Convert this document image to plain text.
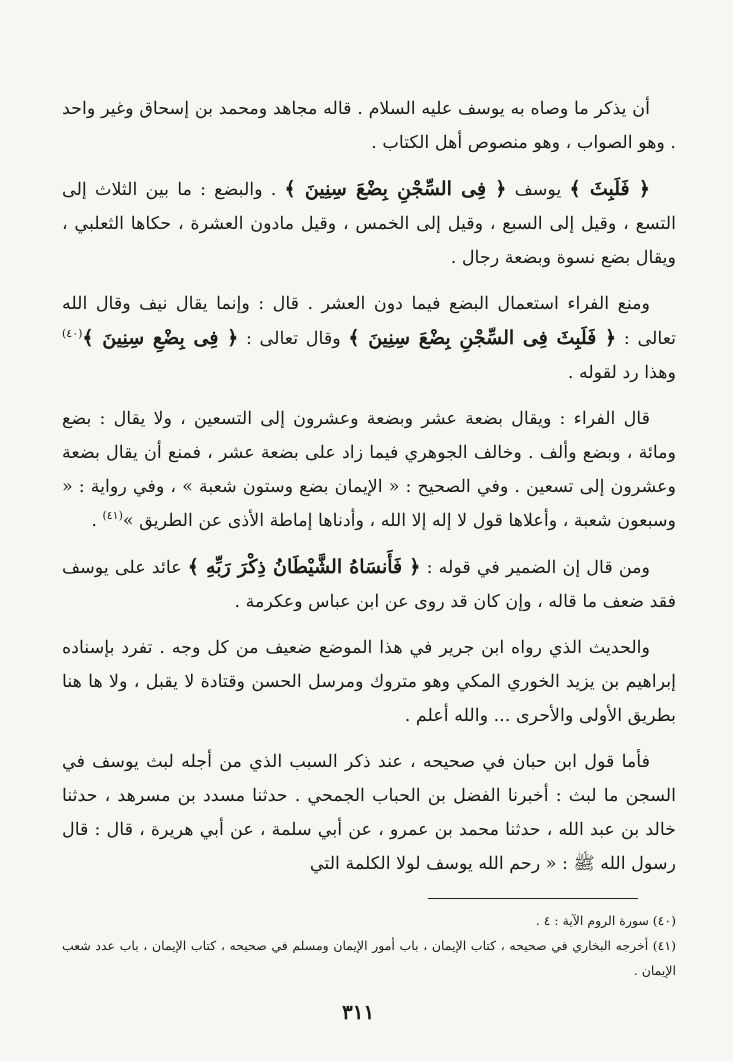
أن يذكر ما وصاه به يوسف عليه السلام . قاله مجاهد ومحمد بن إسحاق وغير واحد . وهو الصواب ، وهو منصوص أهل الكتاب .

﴿ فَلَبِثَ ﴾ يوسف ﴿ فِى السِّجْنِ بِضْعَ سِنِينَ ﴾ . والبضع : ما بين الثلاث إلى التسع ، وقيل إلى السبع ، وقيل إلى الخمس ، وقيل مادون العشرة ، حكاها الثعلبي ، ويقال بضع نسوة وبضعة رجال .

ومنع الفراء استعمال البضع فيما دون العشر . قال : وإنما يقال نيف وقال الله تعالى : ﴿ فَلَبِثَ فِى السِّجْنِ بِضْعَ سِنِينَ ﴾ وقال تعالى : ﴿ فِى بِضْعِ سِنِينَ ﴾$^{(٤٠)}$ وهذا رد لقوله .

قال الفراء : ويقال بضعة عشر وبضعة وعشرون إلى التسعين ، ولا يقال : بضع ومائة ، وبضع وألف . وخالف الجوهري فيما زاد على بضعة عشر ، فمنع أن يقال بضعة وعشرون إلى تسعين . وفي الصحيح : « الإيمان بضع وستون شعبة » ، وفي رواية : « وسبعون شعبة ، وأعلاها قول لا إله إلا الله ، وأدناها إماطة الأذى عن الطريق »$^{(٤١)}$ .

ومن قال إن الضمير في قوله : ﴿ فَأَنسَاهُ الشَّيْطَانُ ذِكْرَ رَبِّهِ ﴾ عائد على يوسف فقد ضعف ما قاله ، وإن كان قد روى عن ابن عباس وعكرمة .

والحديث الذي رواه ابن جرير في هذا الموضع ضعيف من كل وجه . تفرد بإسناده إبراهيم بن يزيد الخوري المكي وهو متروك ومرسل الحسن وقتادة لا يقبل ، ولا ها هنا بطريق الأولى والأحرى ... والله أعلم .

فأما قول ابن حبان في صحيحه ، عند ذكر السبب الذي من أجله لبث يوسف في السجن ما لبث : أخبرنا الفضل بن الحباب الجمحي . حدثنا مسدد بن مسرهد ، حدثنا خالد بن عبد الله ، حدثنا محمد بن عمرو ، عن أبي سلمة ، عن أبي هريرة ، قال : قال رسول الله ﷺ : « رحم الله يوسف لولا الكلمة التي

(٤٠) سورة الروم الآية : ٤ .

(٤١) أخرجه البخاري في صحيحه ، كتاب الإيمان ، باب أمور الإيمان ومسلم في صحيحه ، كتاب الإيمان ، باب عدد شعب الإيمان .

٣١١
